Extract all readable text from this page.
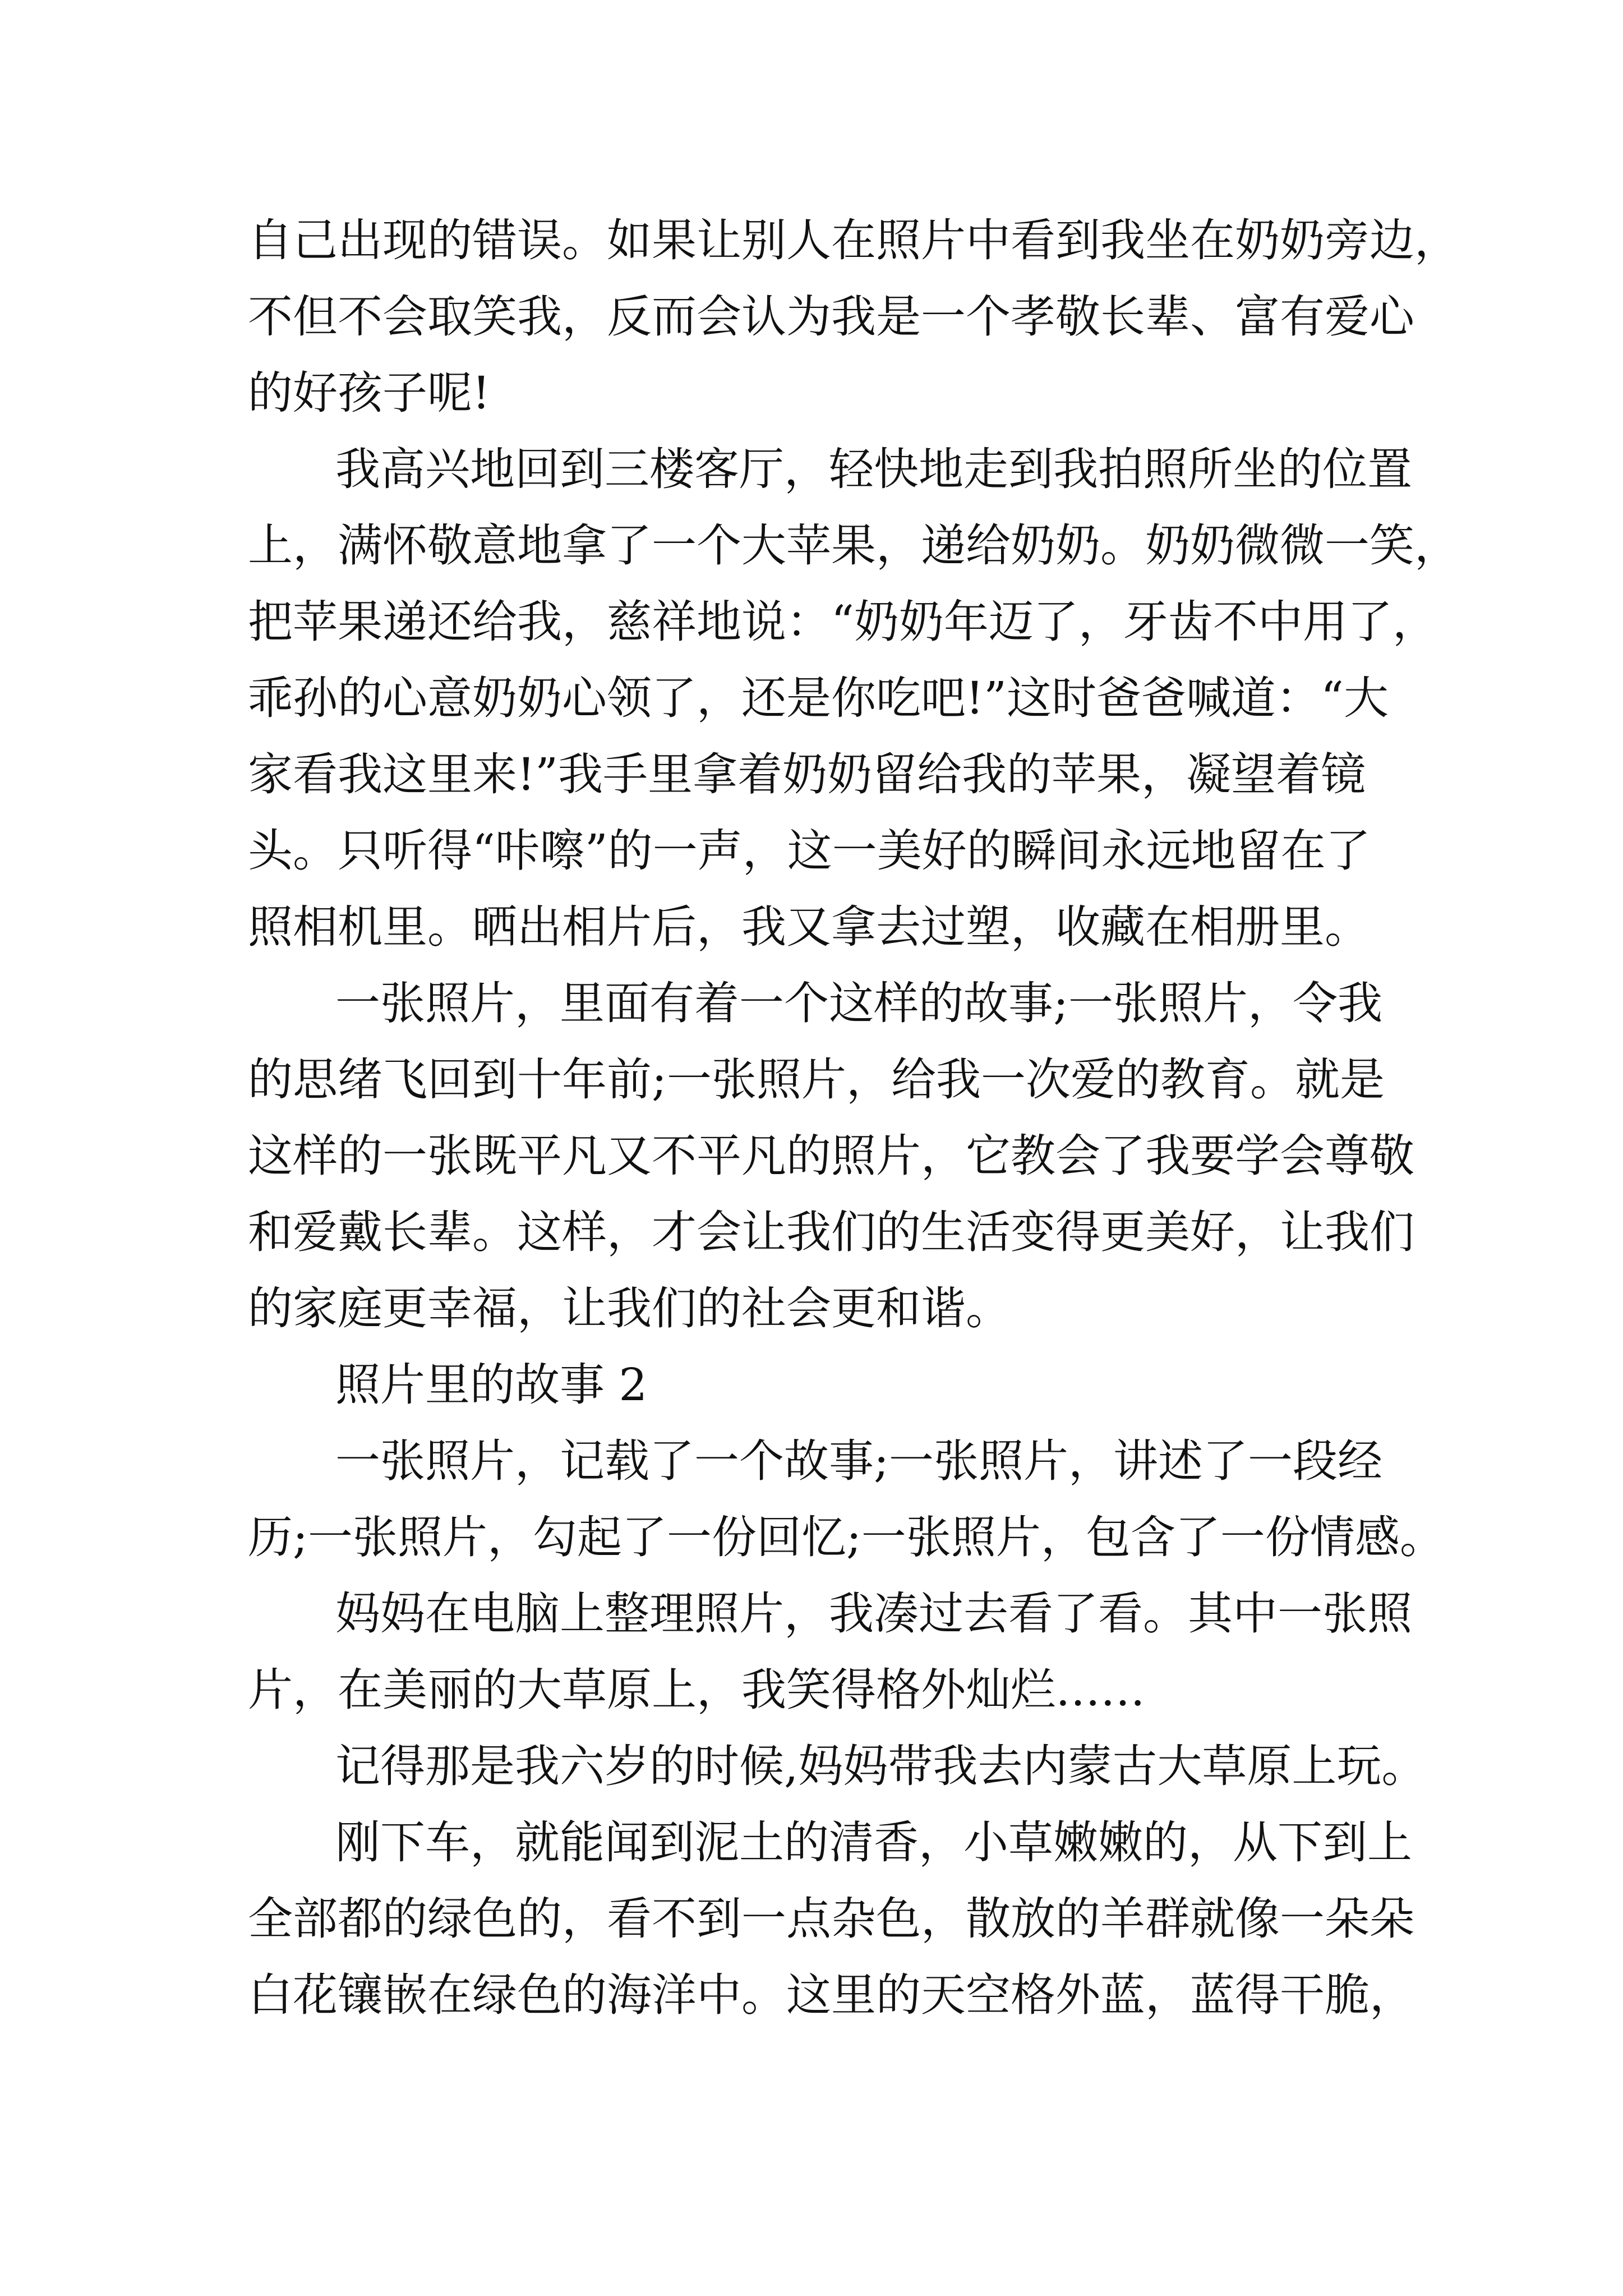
自己出现的错误。如果让别人在照片中看到我坐在奶奶旁边，

不但不会取笑我，反而会认为我是一个孝敬长辈、富有爱心

的好孩子呢!

我高兴地回到三楼客厅，轻快地走到我拍照所坐的位置

上，满怀敬意地拿了一个大苹果，递给奶奶。奶奶微微一笑，

把苹果递还给我，慈祥地说：“奶奶年迈了，牙齿不中用了，

乖孙的心意奶奶心领了，还是你吃吧!”这时爸爸喊道：“大

家看我这里来!”我手里拿着奶奶留给我的苹果，凝望着镜

头。只听得“咔嚓”的一声，这一美好的瞬间永远地留在了

照相机里。晒出相片后，我又拿去过塑，收藏在相册里。

一张照片，里面有着一个这样的故事;一张照片，令我

的思绪飞回到十年前;一张照片，给我一次爱的教育。就是

这样的一张既平凡又不平凡的照片，它教会了我要学会尊敬

和爱戴长辈。这样，才会让我们的生活变得更美好，让我们

的家庭更幸福，让我们的社会更和谐。

照片里的故事 2

一张照片，记载了一个故事;一张照片，讲述了一段经

历;一张照片，勾起了一份回忆;一张照片，包含了一份情感。

妈妈在电脑上整理照片，我凑过去看了看。其中一张照

片，在美丽的大草原上，我笑得格外灿烂……

记得那是我六岁的时候,妈妈带我去内蒙古大草原上玩。

刚下车，就能闻到泥土的清香，小草嫩嫩的，从下到上

全部都的绿色的，看不到一点杂色，散放的羊群就像一朵朵

白花镶嵌在绿色的海洋中。这里的天空格外蓝，蓝得干脆，
